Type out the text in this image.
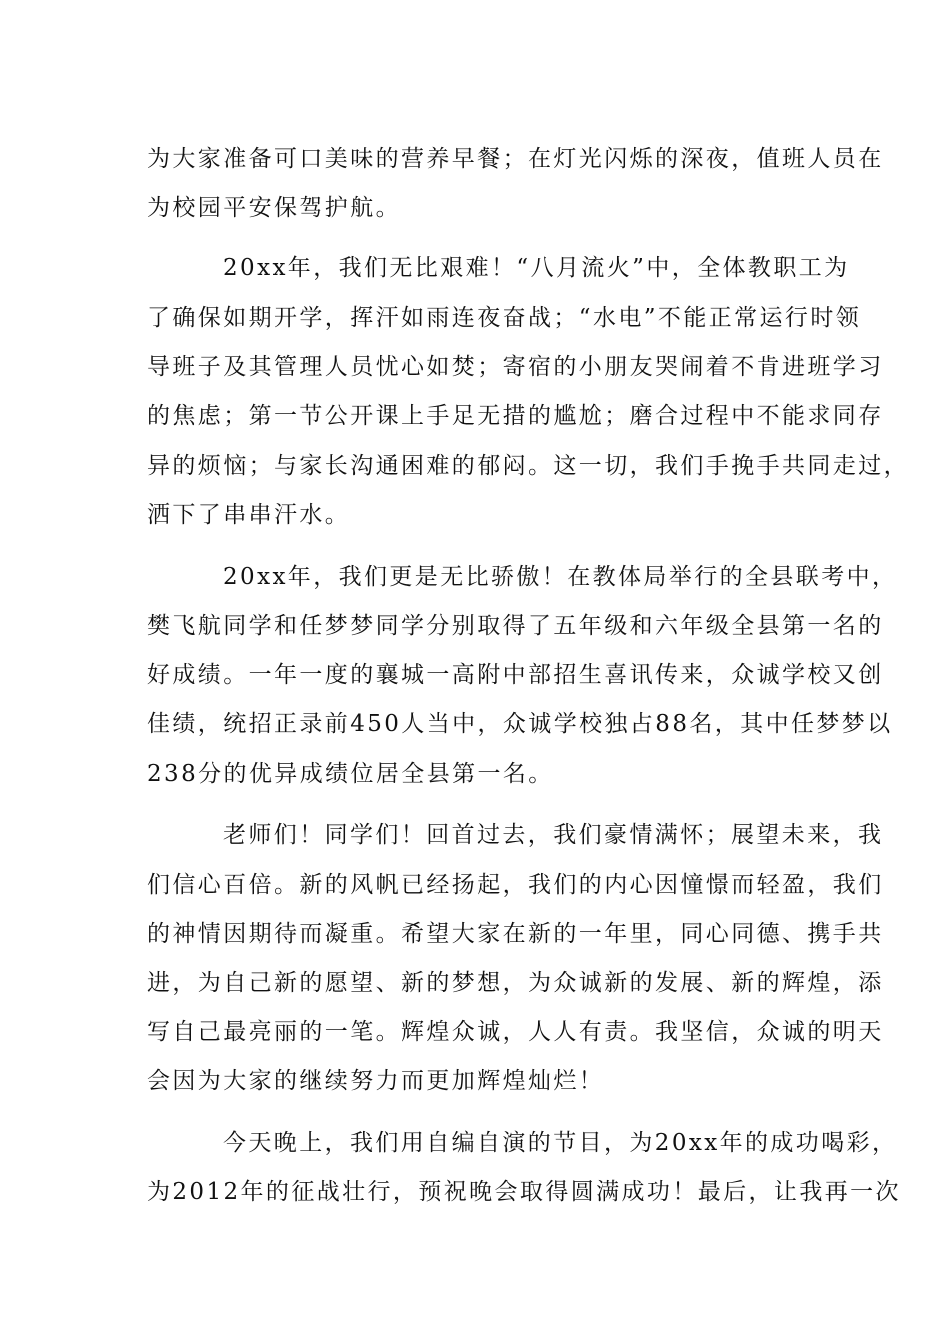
为大家准备可口美味的营养早餐；在灯光闪烁的深夜，值班人员在
为校园平安保驾护航。
20xx年，我们无比艰难！“八月流火”中，全体教职工为
了确保如期开学，挥汗如雨连夜奋战；“水电”不能正常运行时领
导班子及其管理人员忧心如焚；寄宿的小朋友哭闹着不肯进班学习
的焦虑；第一节公开课上手足无措的尴尬；磨合过程中不能求同存
异的烦恼；与家长沟通困难的郁闷。这一切，我们手挽手共同走过，
洒下了串串汗水。
20xx年，我们更是无比骄傲！在教体局举行的全县联考中，
樊飞航同学和任梦梦同学分别取得了五年级和六年级全县第一名的
好成绩。一年一度的襄城一高附中部招生喜讯传来，众诚学校又创
佳绩，统招正录前450人当中，众诚学校独占88名，其中任梦梦以
238分的优异成绩位居全县第一名。
老师们！同学们！回首过去，我们豪情满怀；展望未来，我
们信心百倍。新的风帆已经扬起，我们的内心因憧憬而轻盈，我们
的神情因期待而凝重。希望大家在新的一年里，同心同德、携手共
进，为自己新的愿望、新的梦想，为众诚新的发展、新的辉煌，添
写自己最亮丽的一笔。辉煌众诚，人人有责。我坚信，众诚的明天
会因为大家的继续努力而更加辉煌灿烂！
今天晚上，我们用自编自演的节目，为20xx年的成功喝彩，
为2012年的征战壮行，预祝晚会取得圆满成功！最后，让我再一次
